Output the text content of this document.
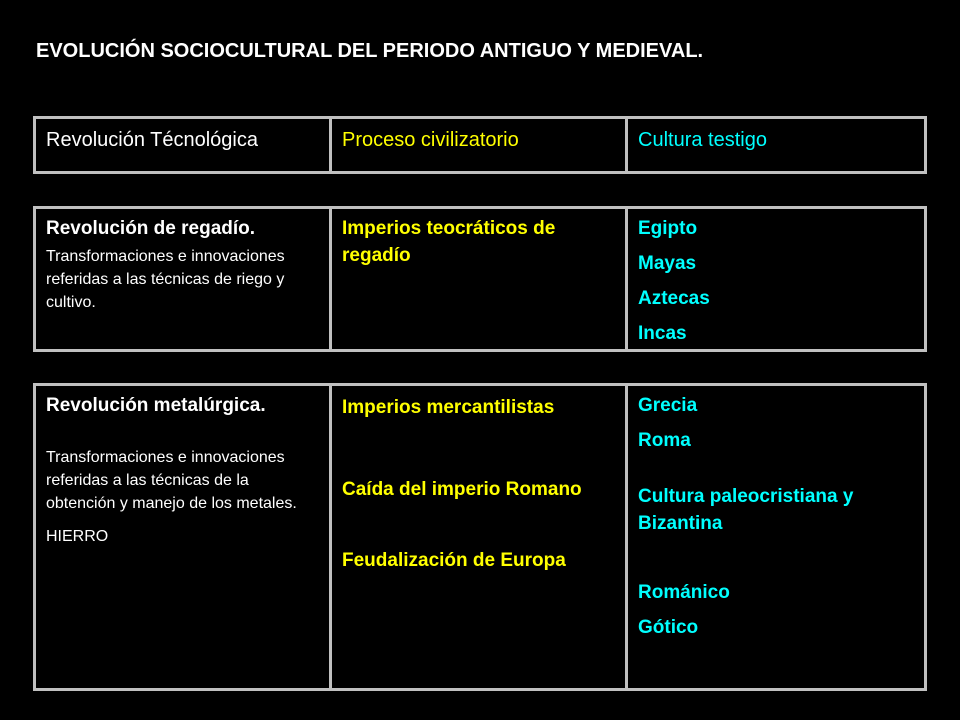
EVOLUCIÓN SOCIOCULTURAL DEL PERIODO ANTIGUO Y MEDIEVAL.
Revolución Técnológica	Proceso civilizatorio	Cultura testigo
Revolución de regadío.
Transformaciones e innovaciones referidas a las técnicas de riego y cultivo.
Imperios teocráticos de regadío
Egipto
Mayas
Aztecas
Incas
Revolución metalúrgica.
Transformaciones e innovaciones referidas a las técnicas de la obtención y manejo de los metales.
HIERRO
Imperios mercantilistas
Caída del imperio Romano
Feudalización de Europa
Grecia
Roma
Cultura paleocristiana y Bizantina
Románico
Gótico
